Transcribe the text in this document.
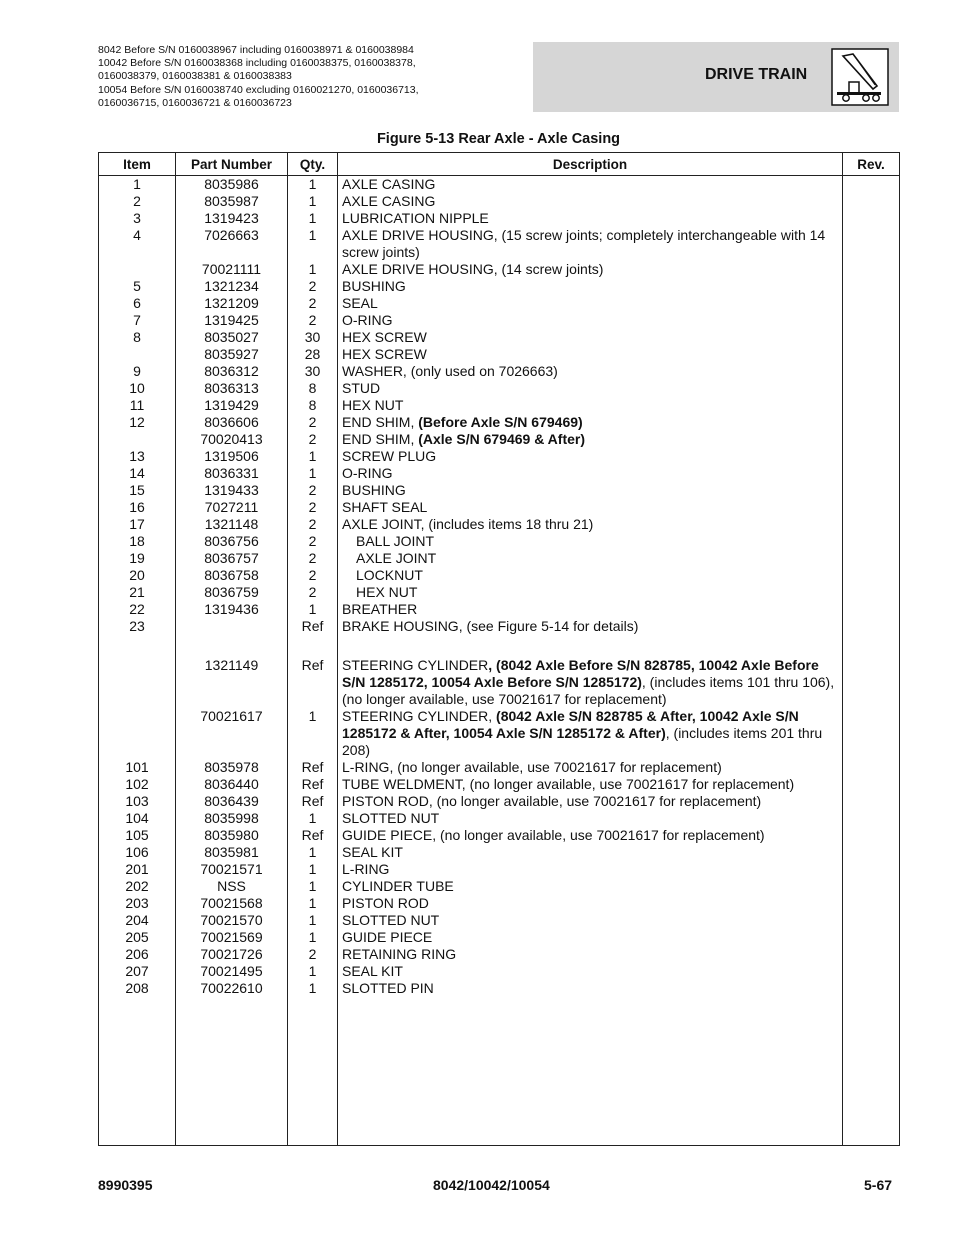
8042 Before S/N 0160038967 including 0160038971 & 0160038984
10042 Before S/N 0160038368 including 0160038375, 0160038378,
0160038379, 0160038381 & 0160038383
10054 Before S/N 0160038740 excluding 0160021270, 0160036713,
0160036715, 0160036721 & 0160036723
DRIVE TRAIN
Figure 5-13 Rear Axle - Axle Casing
Item	Part Number	Qty.	Description	Rev.
1	8035986	1	AXLE CASING	
2	8035987	1	AXLE CASING	
3	1319423	1	LUBRICATION NIPPLE	
4	7026663	1	AXLE DRIVE HOUSING, (15 screw joints; completely interchangeable with 14 screw joints)	
	70021111	1	AXLE DRIVE HOUSING, (14 screw joints)	
5	1321234	2	BUSHING	
6	1321209	2	SEAL	
7	1319425	2	O-RING	
8	8035027	30	HEX SCREW	
	8035927	28	HEX SCREW	
9	8036312	30	WASHER, (only used on 7026663)	
10	8036313	8	STUD	
11	1319429	8	HEX NUT	
12	8036606	2	END SHIM, (Before Axle S/N 679469)	
	70020413	2	END SHIM, (Axle S/N 679469 & After)	
13	1319506	1	SCREW PLUG	
14	8036331	1	O-RING	
15	1319433	2	BUSHING	
16	7027211	2	SHAFT SEAL	
17	1321148	2	AXLE JOINT, (includes items 18 thru 21)	
18	8036756	2	BALL JOINT	
19	8036757	2	AXLE JOINT	
20	8036758	2	LOCKNUT	
21	8036759	2	HEX NUT	
22	1319436	1	BREATHER	
23		Ref	BRAKE HOUSING, (see Figure 5-14 for details)	
	1321149	Ref	STEERING CYLINDER, (8042 Axle Before S/N 828785, 10042 Axle Before S/N 1285172, 10054 Axle Before S/N 1285172), (includes items 101 thru 106), (no longer available, use 70021617 for replacement)	
	70021617	1	STEERING CYLINDER, (8042 Axle S/N 828785 & After, 10042 Axle S/N 1285172 & After, 10054 Axle S/N 1285172 & After), (includes items 201 thru 208)	
101	8035978	Ref	L-RING, (no longer available, use 70021617 for replacement)	
102	8036440	Ref	TUBE WELDMENT, (no longer available, use 70021617 for replacement)	
103	8036439	Ref	PISTON ROD, (no longer available, use 70021617 for replacement)	
104	8035998	1	SLOTTED NUT	
105	8035980	Ref	GUIDE PIECE, (no longer available, use 70021617 for replacement)	
106	8035981	1	SEAL KIT	
201	70021571	1	L-RING	
202	NSS	1	CYLINDER TUBE	
203	70021568	1	PISTON ROD	
204	70021570	1	SLOTTED NUT	
205	70021569	1	GUIDE PIECE	
206	70021726	2	RETAINING RING	
207	70021495	1	SEAL KIT	
208	70022610	1	SLOTTED PIN	

8990395	8042/10042/10054	5-67
